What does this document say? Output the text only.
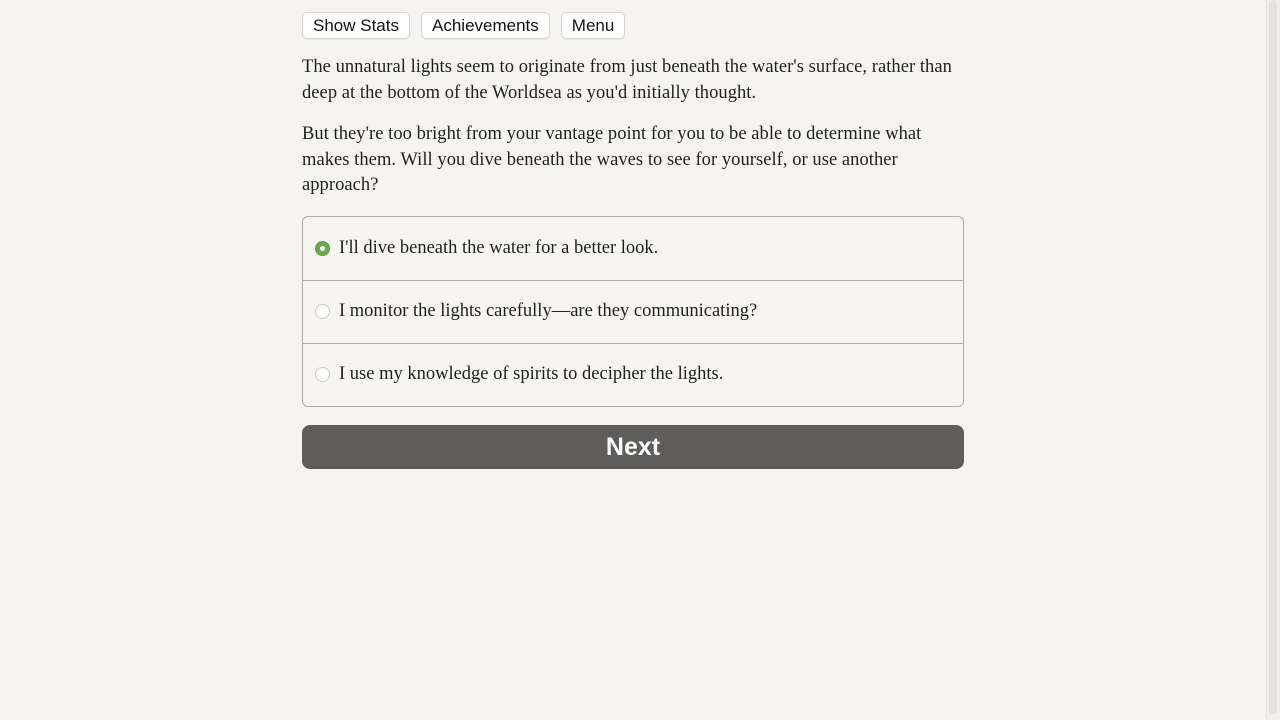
Show Stats	Achievements	Menu

The unnatural lights seem to originate from just beneath the water's surface, rather than deep at the bottom of the Worldsea as you'd initially thought.

But they're too bright from your vantage point for you to be able to determine what makes them. Will you dive beneath the waves to see for yourself, or use another approach?

I'll dive beneath the water for a better look.
I monitor the lights carefully—are they communicating?
I use my knowledge of spirits to decipher the lights.
Next
